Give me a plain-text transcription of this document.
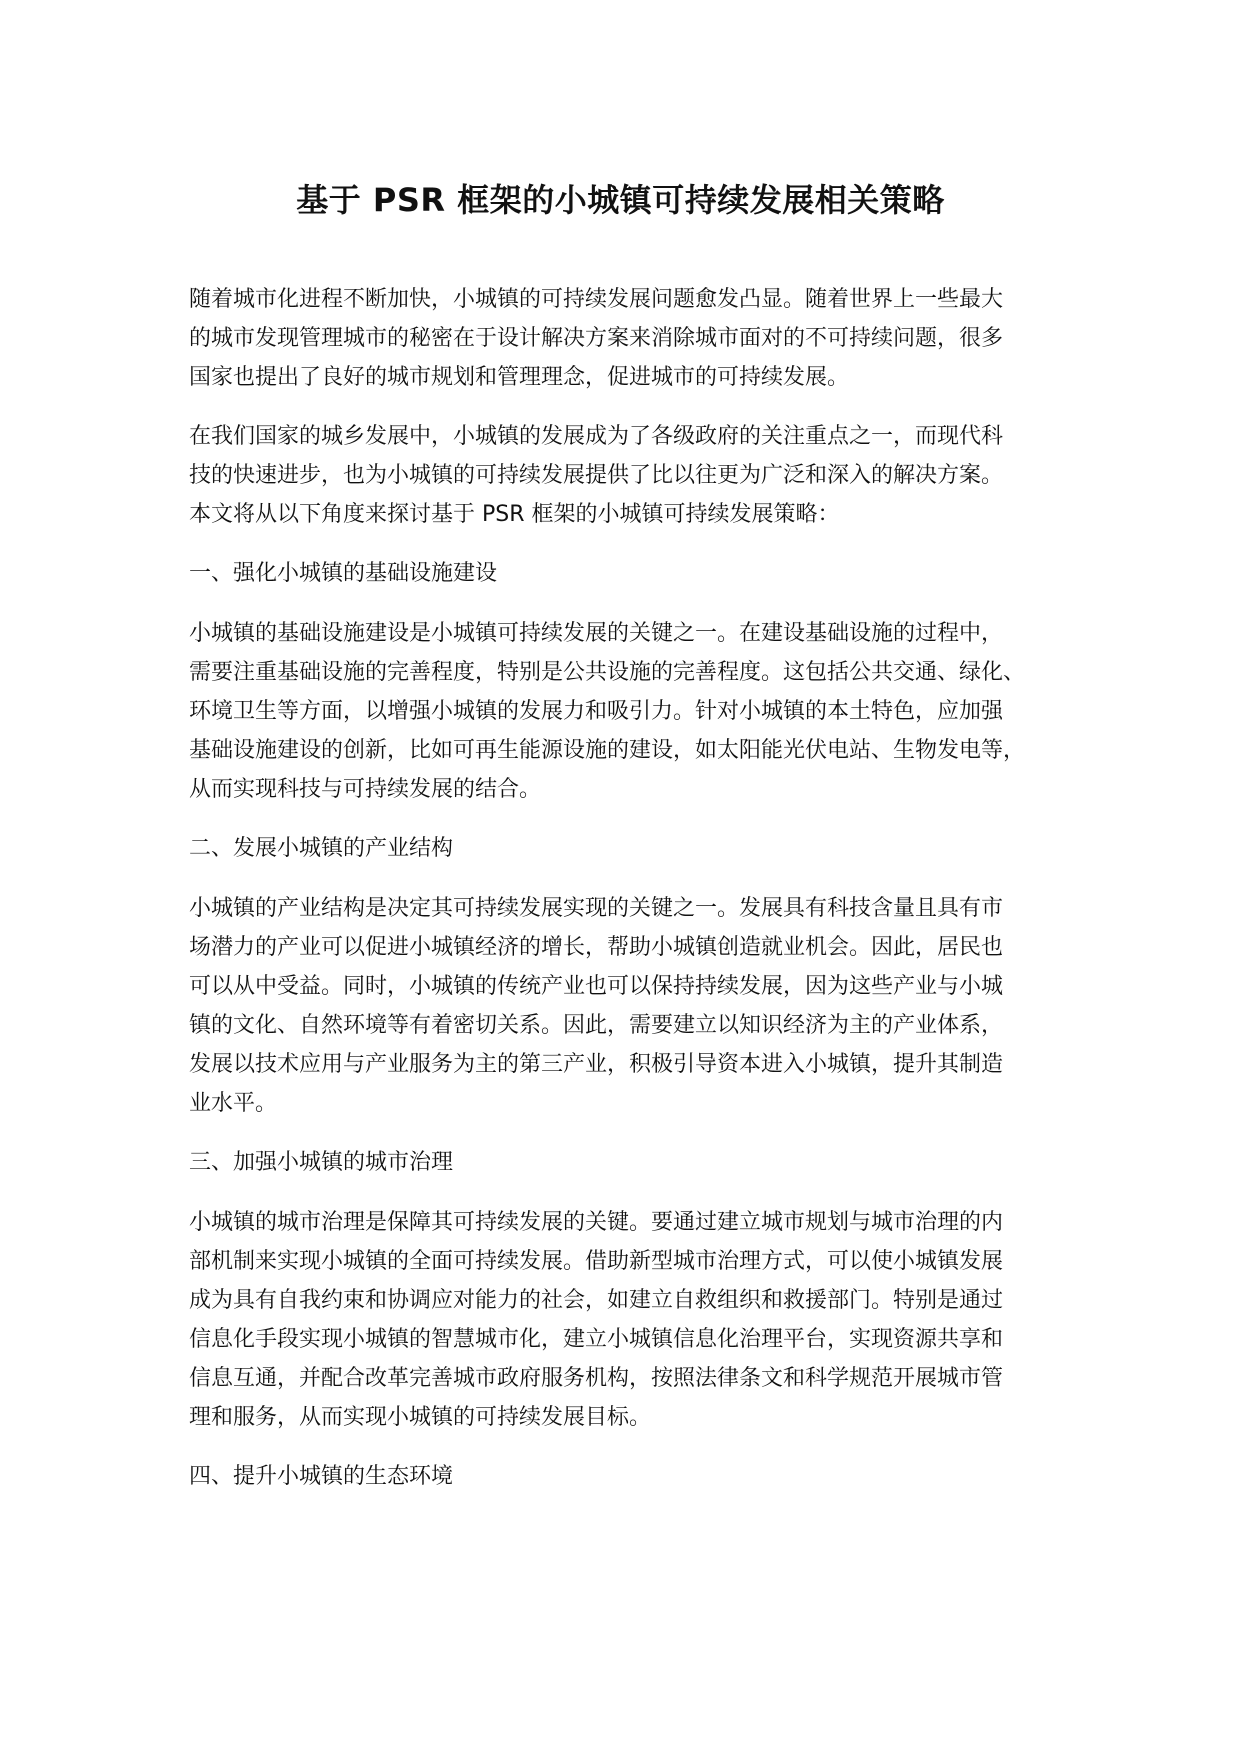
基于 PSR 框架的小城镇可持续发展相关策略
随着城市化进程不断加快，小城镇的可持续发展问题愈发凸显。随着世界上一些最大
的城市发现管理城市的秘密在于设计解决方案来消除城市面对的不可持续问题，很多
国家也提出了良好的城市规划和管理理念，促进城市的可持续发展。
在我们国家的城乡发展中，小城镇的发展成为了各级政府的关注重点之一，而现代科
技的快速进步，也为小城镇的可持续发展提供了比以往更为广泛和深入的解决方案。
本文将从以下角度来探讨基于 PSR 框架的小城镇可持续发展策略：
一、强化小城镇的基础设施建设
小城镇的基础设施建设是小城镇可持续发展的关键之一。在建设基础设施的过程中，
需要注重基础设施的完善程度，特别是公共设施的完善程度。这包括公共交通、绿化、
环境卫生等方面，以增强小城镇的发展力和吸引力。针对小城镇的本土特色，应加强
基础设施建设的创新，比如可再生能源设施的建设，如太阳能光伏电站、生物发电等，
从而实现科技与可持续发展的结合。
二、发展小城镇的产业结构
小城镇的产业结构是决定其可持续发展实现的关键之一。发展具有科技含量且具有市
场潜力的产业可以促进小城镇经济的增长，帮助小城镇创造就业机会。因此，居民也
可以从中受益。同时，小城镇的传统产业也可以保持持续发展，因为这些产业与小城
镇的文化、自然环境等有着密切关系。因此，需要建立以知识经济为主的产业体系，
发展以技术应用与产业服务为主的第三产业，积极引导资本进入小城镇，提升其制造
业水平。
三、加强小城镇的城市治理
小城镇的城市治理是保障其可持续发展的关键。要通过建立城市规划与城市治理的内
部机制来实现小城镇的全面可持续发展。借助新型城市治理方式，可以使小城镇发展
成为具有自我约束和协调应对能力的社会，如建立自救组织和救援部门。特别是通过
信息化手段实现小城镇的智慧城市化，建立小城镇信息化治理平台，实现资源共享和
信息互通，并配合改革完善城市政府服务机构，按照法律条文和科学规范开展城市管
理和服务，从而实现小城镇的可持续发展目标。
四、提升小城镇的生态环境
